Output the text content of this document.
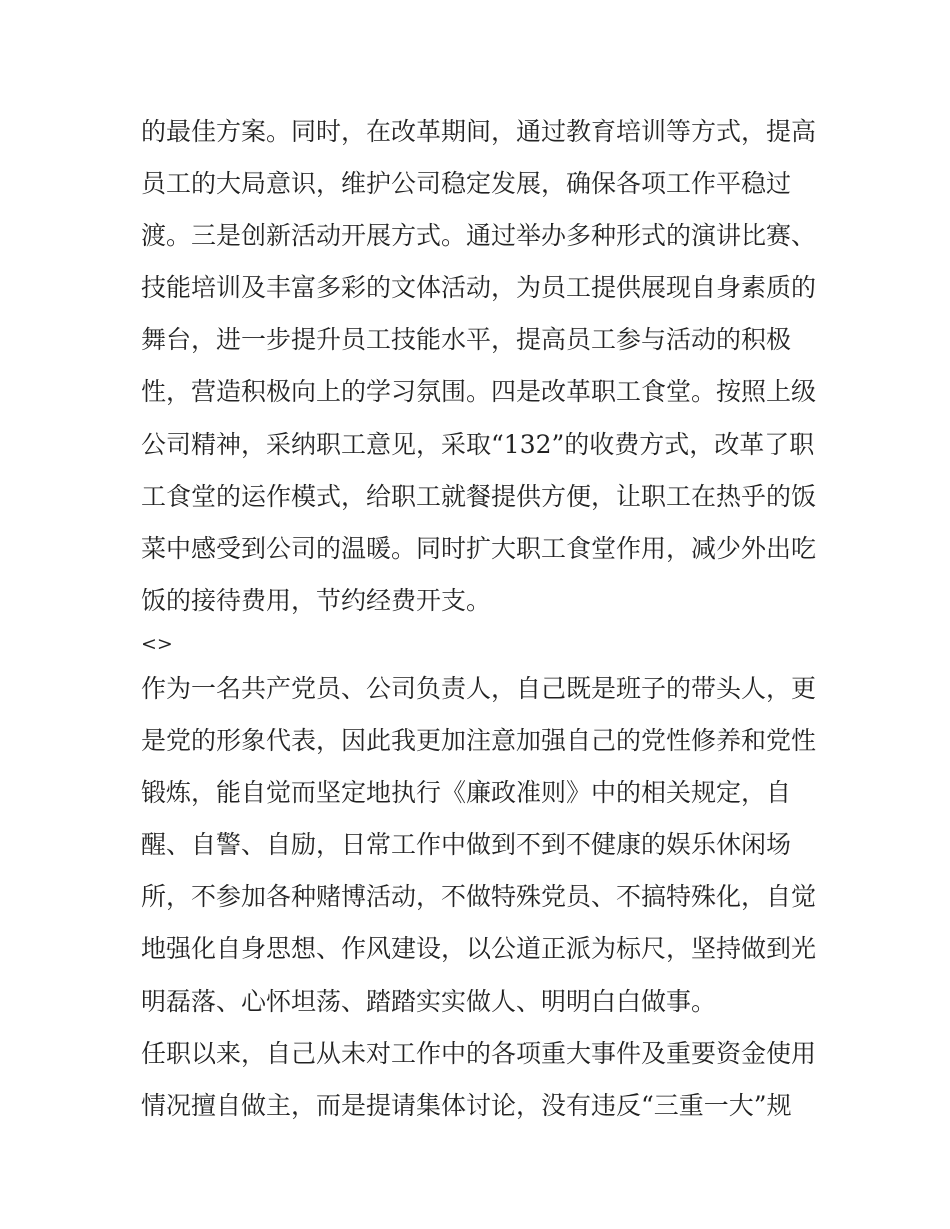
的最佳方案。同时，在改革期间，通过教育培训等方式，提高
员工的大局意识，维护公司稳定发展，确保各项工作平稳过
渡。三是创新活动开展方式。通过举办多种形式的演讲比赛、
技能培训及丰富多彩的文体活动，为员工提供展现自身素质的
舞台，进一步提升员工技能水平，提高员工参与活动的积极
性，营造积极向上的学习氛围。四是改革职工食堂。按照上级
公司精神，采纳职工意见，采取“132”的收费方式，改革了职
工食堂的运作模式，给职工就餐提供方便，让职工在热乎的饭
菜中感受到公司的温暖。同时扩大职工食堂作用，减少外出吃
饭的接待费用，节约经费开支。
<>
作为一名共产党员、公司负责人，自己既是班子的带头人，更
是党的形象代表，因此我更加注意加强自己的党性修养和党性
锻炼，能自觉而坚定地执行《廉政准则》中的相关规定，自
醒、自警、自励，日常工作中做到不到不健康的娱乐休闲场
所，不参加各种赌博活动，不做特殊党员、不搞特殊化，自觉
地强化自身思想、作风建设，以公道正派为标尺，坚持做到光
明磊落、心怀坦荡、踏踏实实做人、明明白白做事。
任职以来，自己从未对工作中的各项重大事件及重要资金使用
情况擅自做主，而是提请集体讨论，没有违反“三重一大”规
